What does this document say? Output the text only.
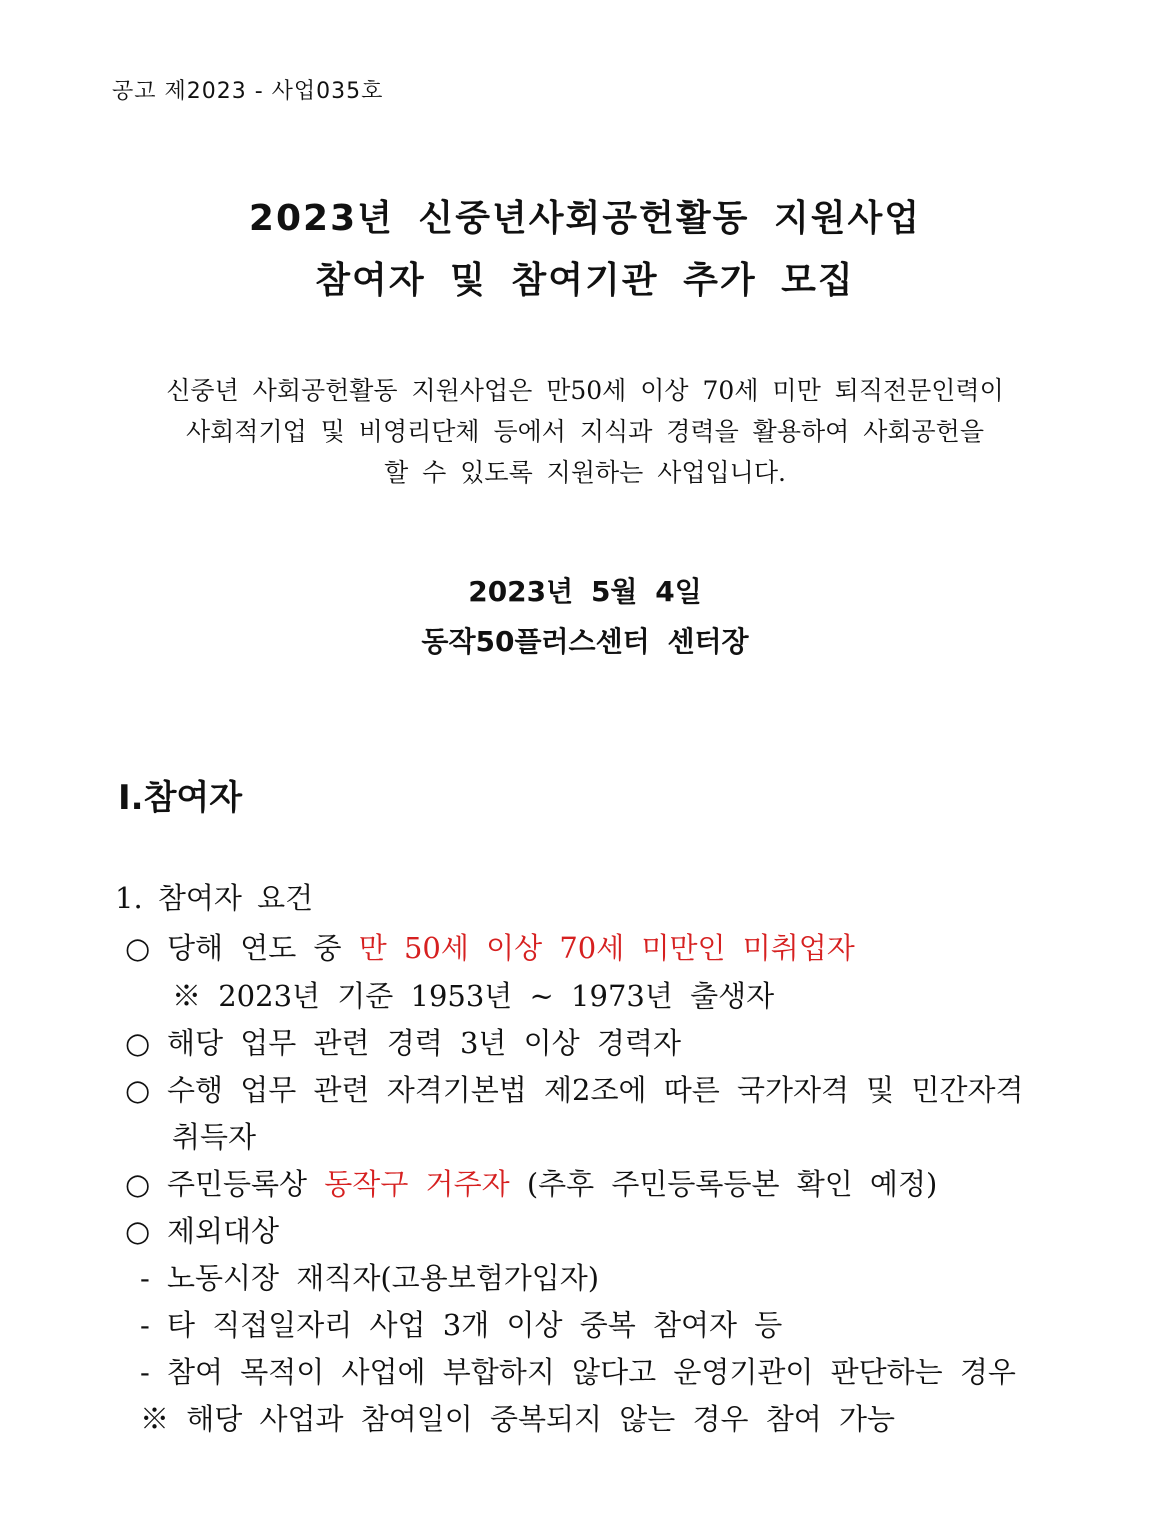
공고 제2023 - 사업035호
2023년 신중년사회공헌활동 지원사업
참여자 및 참여기관 추가 모집
신중년 사회공헌활동 지원사업은 만50세 이상 70세 미만 퇴직전문인력이
사회적기업 및 비영리단체 등에서 지식과 경력을 활용하여 사회공헌을
할 수 있도록 지원하는 사업입니다.
2023년 5월 4일
동작50플러스센터 센터장
Ⅰ.참여자
1. 참여자 요건
○ 당해 연도 중 만 50세 이상 70세 미만인 미취업자
※ 2023년 기준 1953년 ~ 1973년 출생자
○ 해당 업무 관련 경력 3년 이상 경력자
○ 수행 업무 관련 자격기본법 제2조에 따른 국가자격 및 민간자격
취득자
○ 주민등록상 동작구 거주자 (추후 주민등록등본 확인 예정)
○ 제외대상
- 노동시장 재직자(고용보험가입자)
- 타 직접일자리 사업 3개 이상 중복 참여자 등
- 참여 목적이 사업에 부합하지 않다고 운영기관이 판단하는 경우
※ 해당 사업과 참여일이 중복되지 않는 경우 참여 가능
